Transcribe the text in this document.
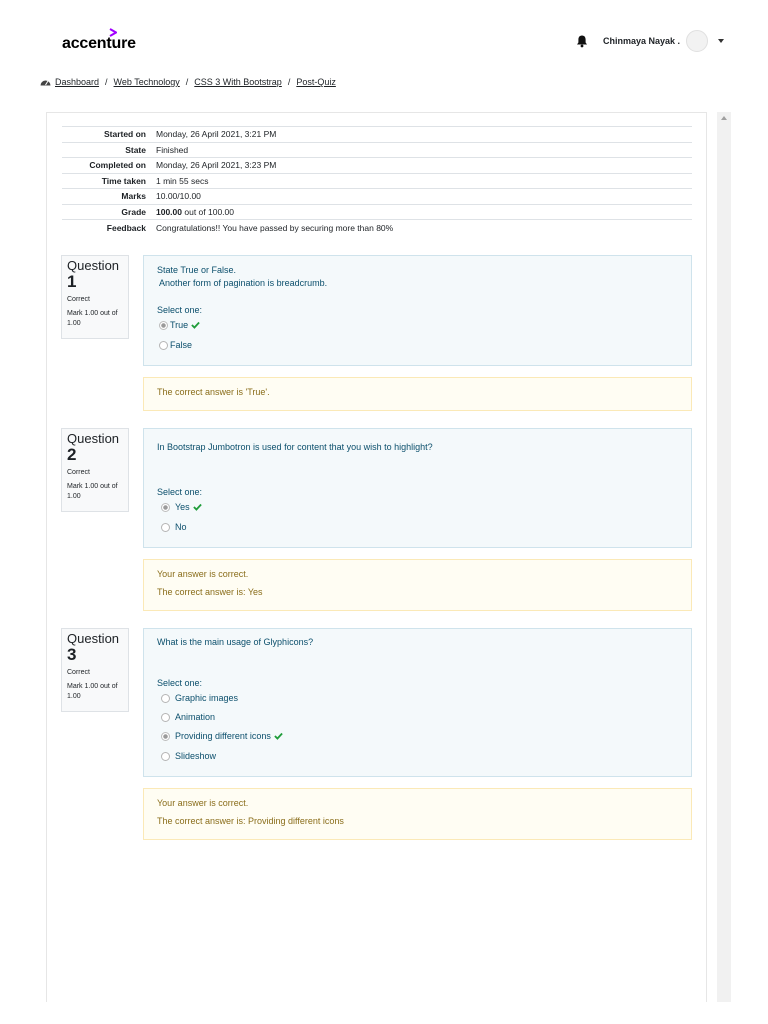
accenture	Chinmaya Nayak .
Dashboard / Web Technology / CSS 3 With Bootstrap / Post-Quiz
Started on	Monday, 26 April 2021, 3:21 PM
State	Finished
Completed on	Monday, 26 April 2021, 3:23 PM
Time taken	1 min 55 secs
Marks	10.00/10.00
Grade	100.00 out of 100.00
Feedback	Congratulations!! You have passed by securing more than 80%
Question
1
Correct
Mark 1.00 out of 1.00
State True or False.
Another form of pagination is breadcrumb.
Select one:
True
False
The correct answer is 'True'.
Question
2
Correct
Mark 1.00 out of 1.00
In Bootstrap Jumbotron is used for content that you wish to highlight?
Select one:
Yes
No
Your answer is correct.
The correct answer is: Yes
Question
3
Correct
Mark 1.00 out of 1.00
What is the main usage of Glyphicons?
Select one:
Graphic images
Animation
Providing different icons
Slideshow
Your answer is correct.
The correct answer is: Providing different icons
